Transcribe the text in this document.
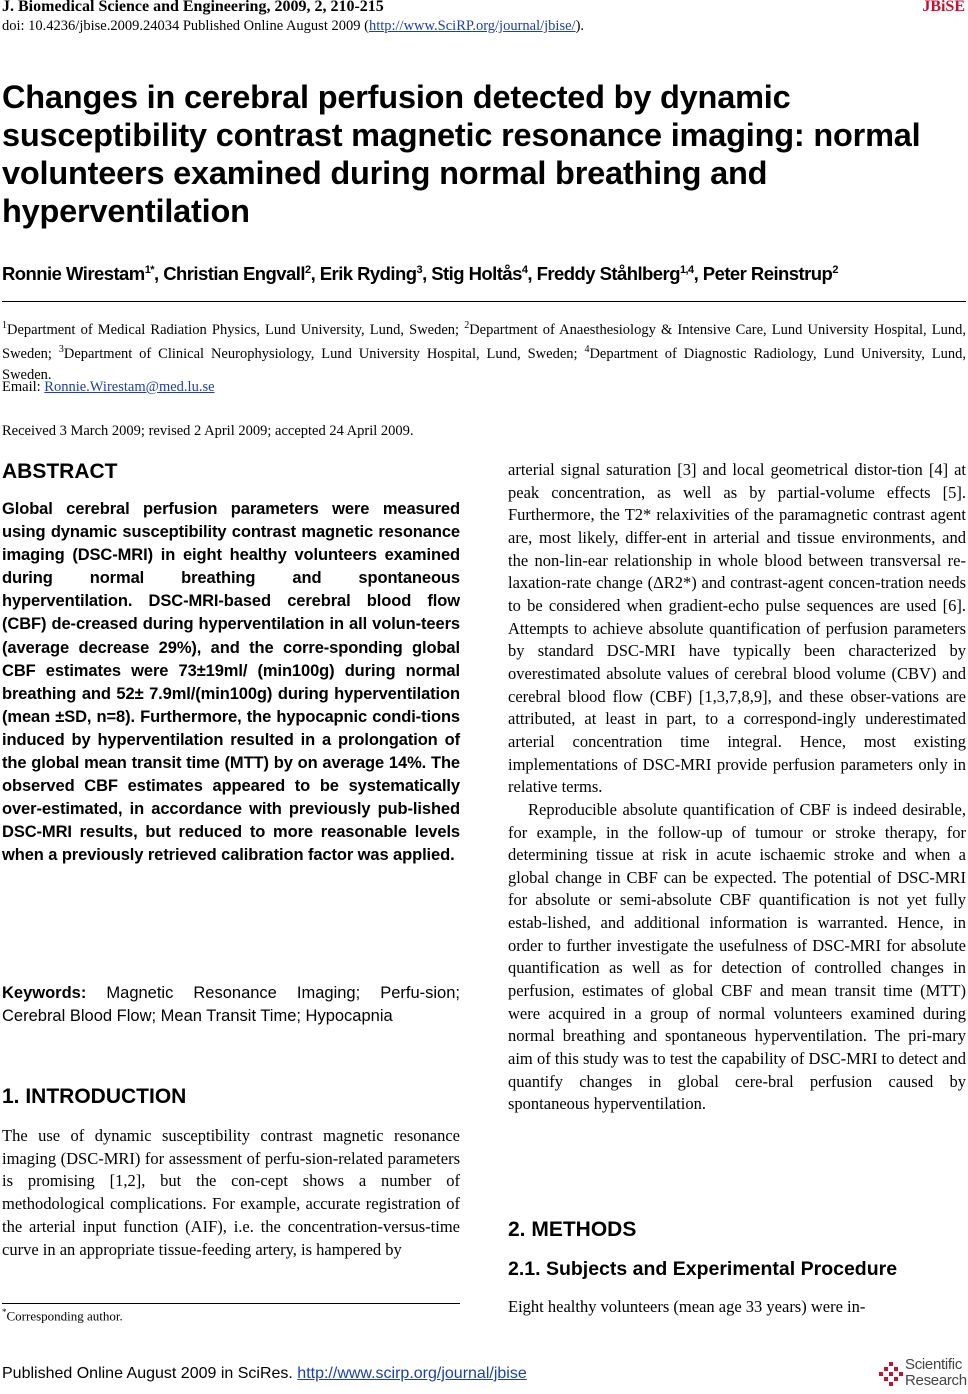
J. Biomedical Science and Engineering, 2009, 2, 210-215	JBiSE
doi: 10.4236/jbise.2009.24034 Published Online August 2009 (http://www.SciRP.org/journal/jbise/).
Changes in cerebral perfusion detected by dynamic susceptibility contrast magnetic resonance imaging: normal volunteers examined during normal breathing and hyperventilation
Ronnie Wirestam$^{1*}$, Christian Engvall$^2$, Erik Ryding$^3$, Stig Holtås$^4$, Freddy Ståhlberg$^{1,4}$, Peter Reinstrup$^2$
$^1$Department of Medical Radiation Physics, Lund University, Lund, Sweden; $^2$Department of Anaesthesiology & Intensive Care, Lund University Hospital, Lund, Sweden; $^3$Department of Clinical Neurophysiology, Lund University Hospital, Lund, Sweden; $^4$Department of Diagnostic Radiology, Lund University, Lund, Sweden.
Email: Ronnie.Wirestam@med.lu.se
Received 3 March 2009; revised 2 April 2009; accepted 24 April 2009.
ABSTRACT

Global cerebral perfusion parameters were measured using dynamic susceptibility contrast magnetic resonance imaging (DSC-MRI) in eight healthy volunteers examined during normal breathing and spontaneous hyperventilation. DSC-MRI-based cerebral blood flow (CBF) de-creased during hyperventilation in all volun-teers (average decrease 29%), and the corre-sponding global CBF estimates were 73±19ml/ (min100g) during normal breathing and 52± 7.9ml/(min100g) during hyperventilation (mean ±SD, n=8). Furthermore, the hypocapnic condi-tions induced by hyperventilation resulted in a prolongation of the global mean transit time (MTT) by on average 14%. The observed CBF estimates appeared to be systematically over-estimated, in accordance with previously pub-lished DSC-MRI results, but reduced to more reasonable levels when a previously retrieved calibration factor was applied.

Keywords: Magnetic Resonance Imaging; Perfu-sion; Cerebral Blood Flow; Mean Transit Time; Hypocapnia

1. INTRODUCTION

The use of dynamic susceptibility contrast magnetic resonance imaging (DSC-MRI) for assessment of perfu-sion-related parameters is promising [1,2], but the con-cept shows a number of methodological complications. For example, accurate registration of the arterial input function (AIF), i.e. the concentration-versus-time curve in an appropriate tissue-feeding artery, is hampered by

*Corresponding author.

arterial signal saturation [3] and local geometrical distor-tion [4] at peak concentration, as well as by partial-volume effects [5]. Furthermore, the T2* relaxivities of the paramagnetic contrast agent are, most likely, differ-ent in arterial and tissue environments, and the non-lin-ear relationship in whole blood between transversal re-laxation-rate change (ΔR2*) and contrast-agent concen-tration needs to be considered when gradient-echo pulse sequences are used [6]. Attempts to achieve absolute quantification of perfusion parameters by standard DSC-MRI have typically been characterized by overestimated absolute values of cerebral blood volume (CBV) and cerebral blood flow (CBF) [1,3,7,8,9], and these obser-vations are attributed, at least in part, to a correspond-ingly underestimated arterial concentration time integral. Hence, most existing implementations of DSC-MRI provide perfusion parameters only in relative terms.

Reproducible absolute quantification of CBF is indeed desirable, for example, in the follow-up of tumour or stroke therapy, for determining tissue at risk in acute ischaemic stroke and when a global change in CBF can be expected. The potential of DSC-MRI for absolute or semi-absolute CBF quantification is not yet fully estab-lished, and additional information is warranted. Hence, in order to further investigate the usefulness of DSC-MRI for absolute quantification as well as for detection of controlled changes in perfusion, estimates of global CBF and mean transit time (MTT) were acquired in a group of normal volunteers examined during normal breathing and spontaneous hyperventilation. The pri-mary aim of this study was to test the capability of DSC-MRI to detect and quantify changes in global cere-bral perfusion caused by spontaneous hyperventilation.

2. METHODS
2.1. Subjects and Experimental Procedure

Eight healthy volunteers (mean age 33 years) were in-

Published Online August 2009 in SciRes. http://www.scirp.org/journal/jbise
Scientific
Research
